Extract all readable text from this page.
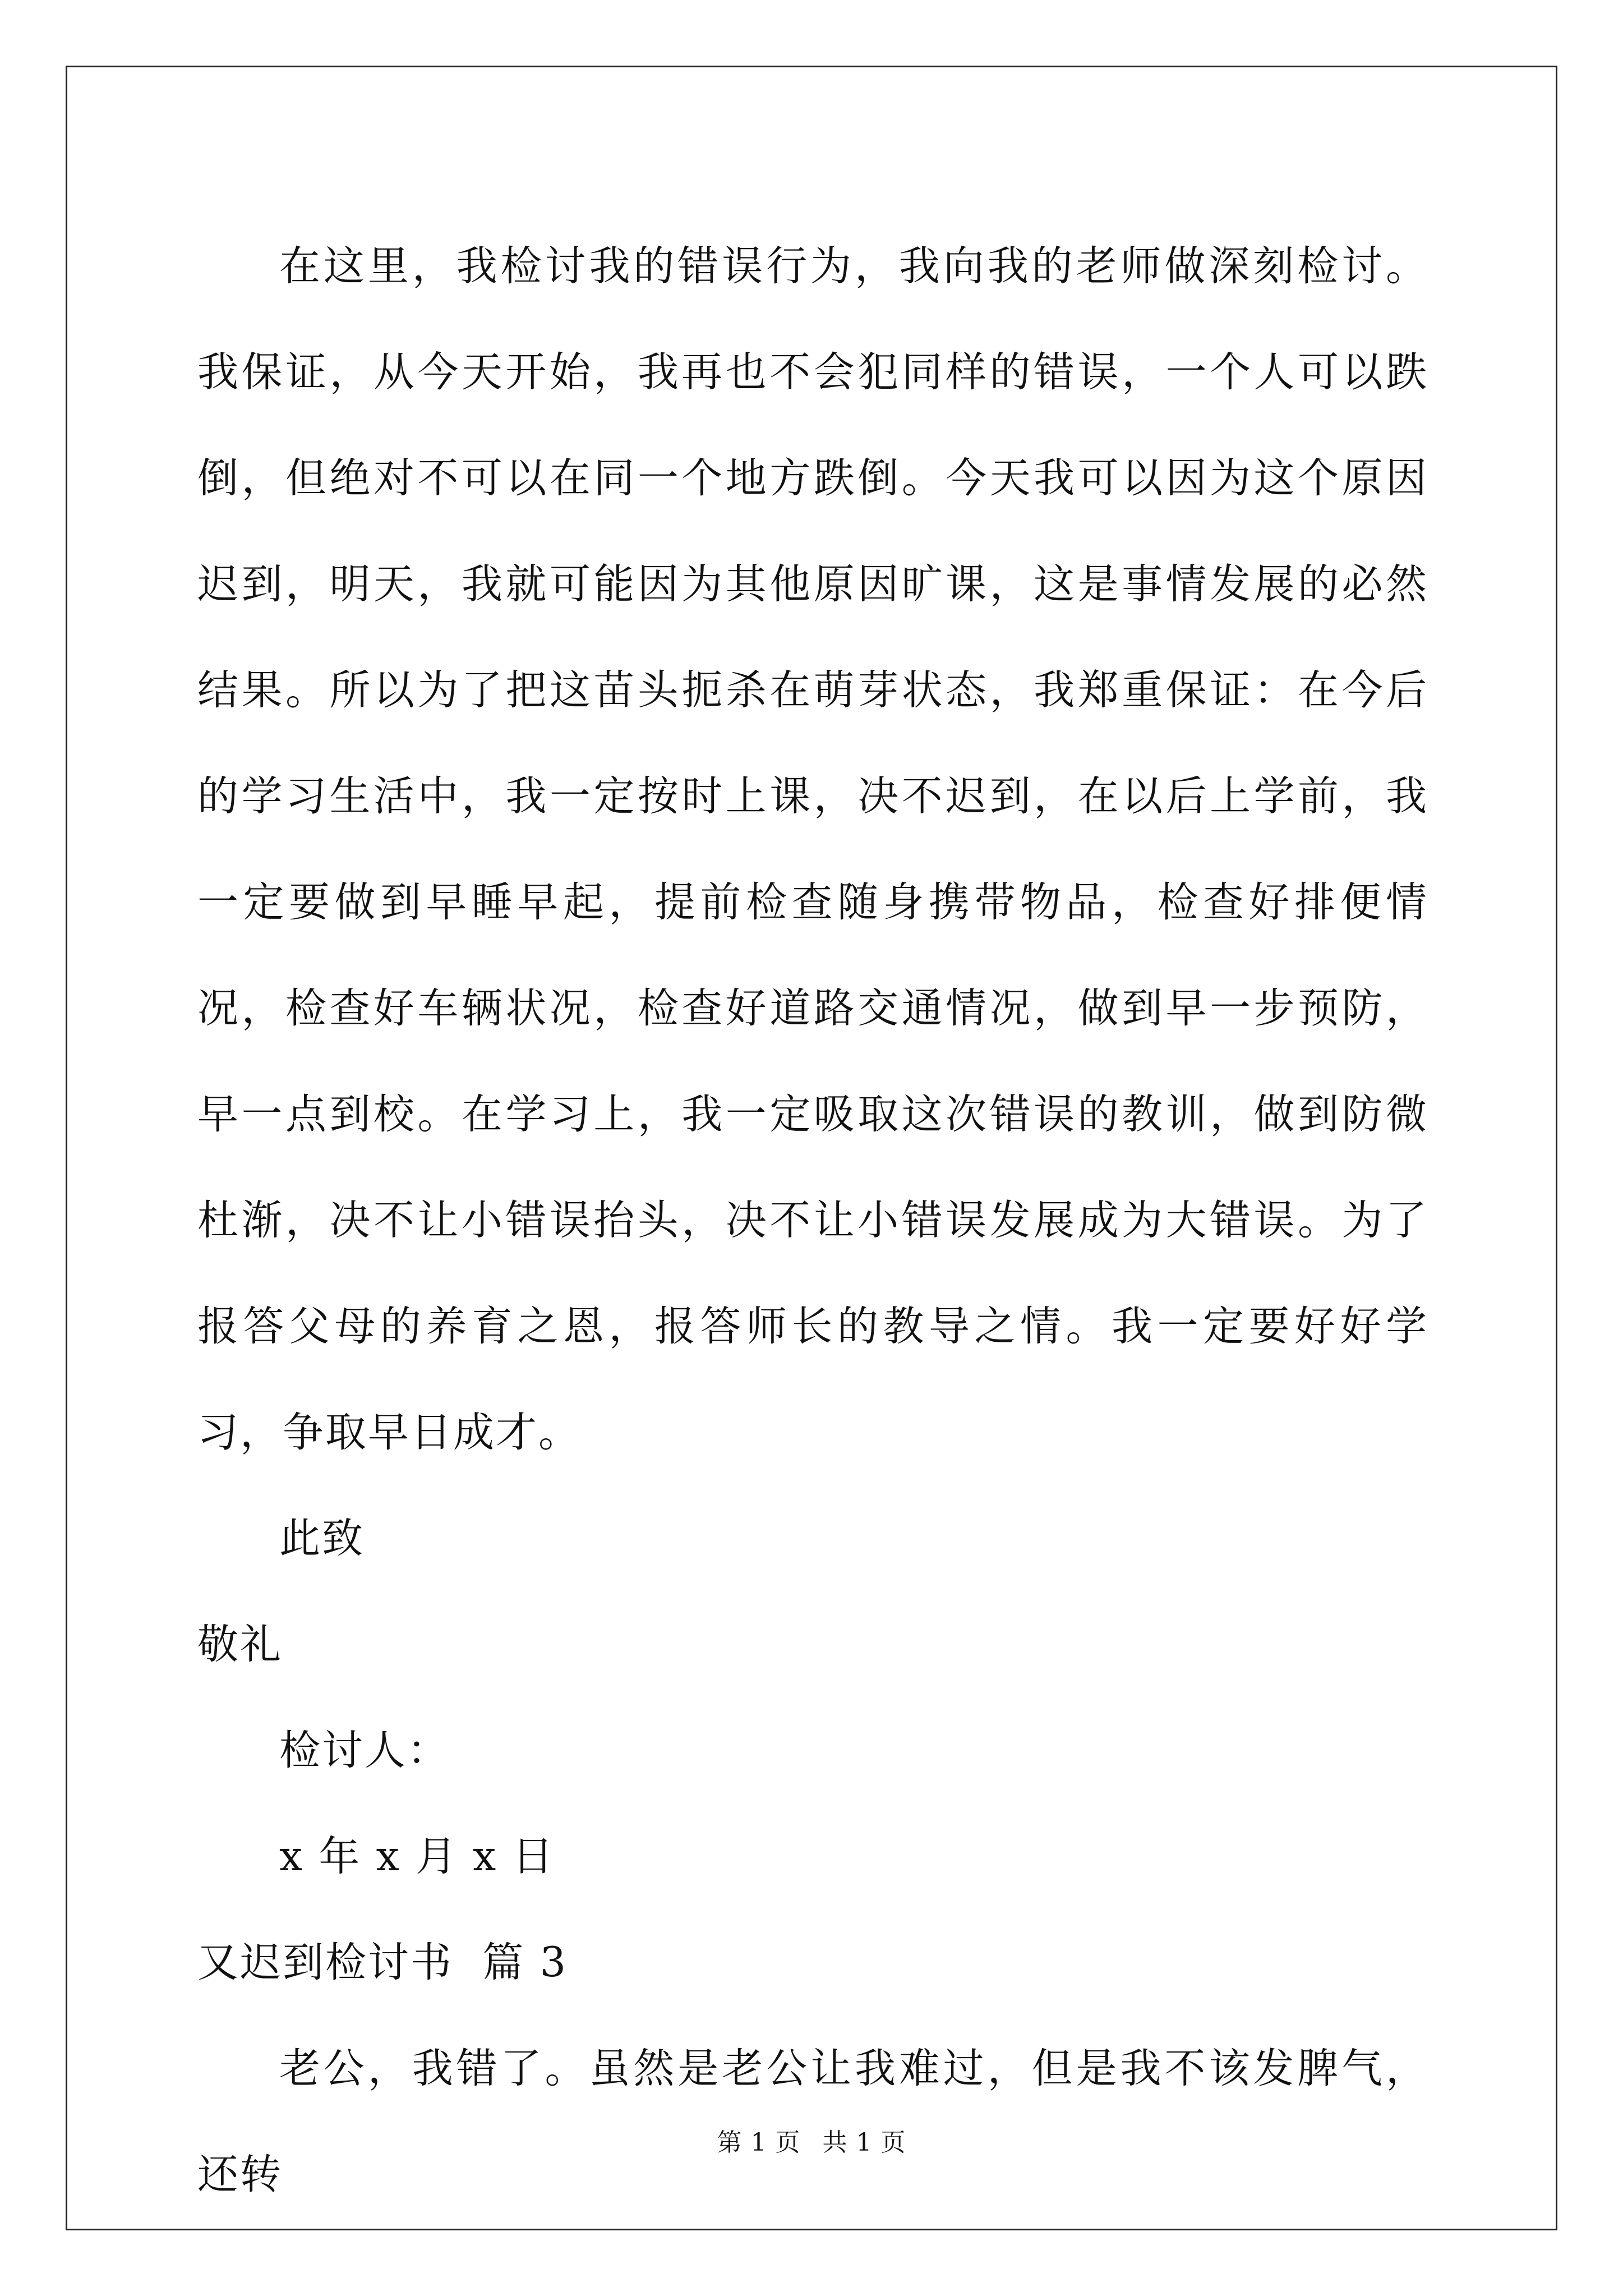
在这里，我检讨我的错误行为，我向我的老师做深刻检讨。我保证，从今天开始，我再也不会犯同样的错误，一个人可以跌倒，但绝对不可以在同一个地方跌倒。今天我可以因为这个原因迟到，明天，我就可能因为其他原因旷课，这是事情发展的必然结果。所以为了把这苗头扼杀在萌芽状态，我郑重保证：在今后的学习生活中，我一定按时上课，决不迟到，在以后上学前，我一定要做到早睡早起，提前检查随身携带物品，检查好排便情况，检查好车辆状况，检查好道路交通情况，做到早一步预防，早一点到校。在学习上，我一定吸取这次错误的教训，做到防微杜渐，决不让小错误抬头，决不让小错误发展成为大错误。为了报答父母的养育之恩，报答师长的教导之情。我一定要好好学习，争取早日成才。

此致

敬礼

检讨人：

x 年 x 月 x 日

又迟到检讨书  篇 3

老公，我错了。虽然是老公让我难过，但是我不该发脾气，还转

第 1 页 共 1 页
